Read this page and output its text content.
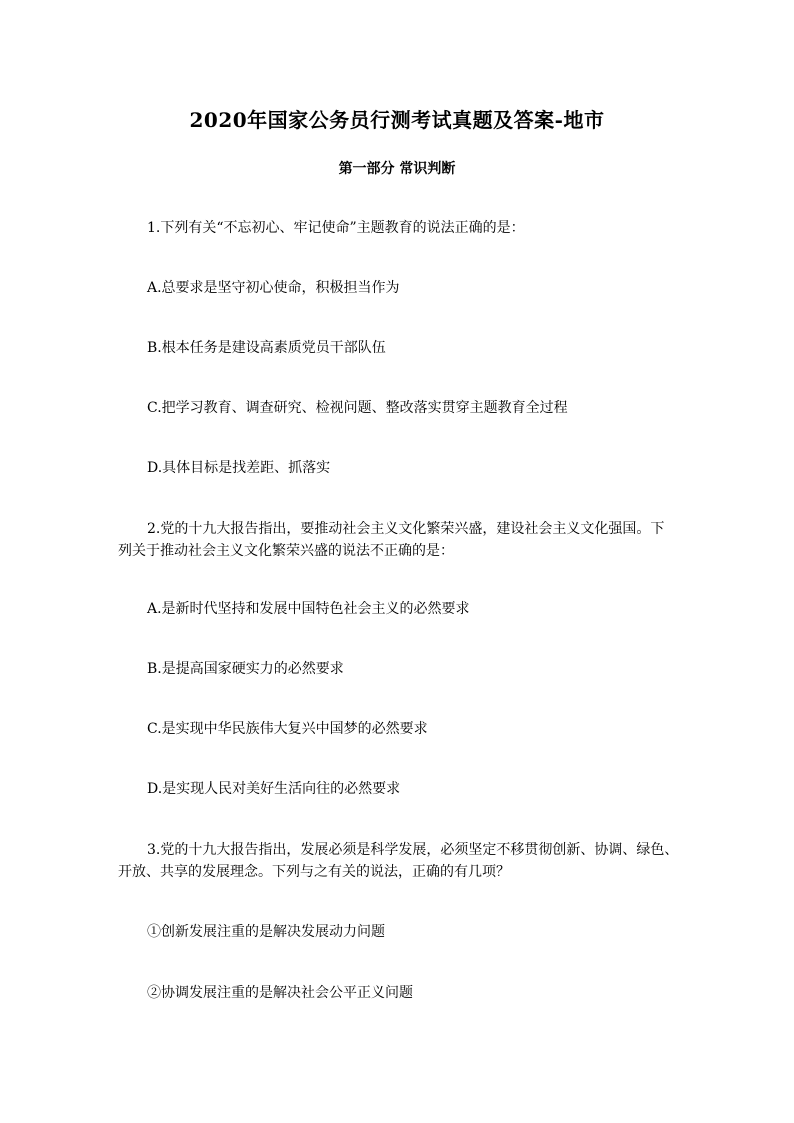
2020年国家公务员行测考试真题及答案-地市
第一部分 常识判断
1.下列有关“不忘初心、牢记使命”主题教育的说法正确的是：
A.总要求是坚守初心使命，积极担当作为
B.根本任务是建设高素质党员干部队伍
C.把学习教育、调查研究、检视问题、整改落实贯穿主题教育全过程
D.具体目标是找差距、抓落实
2.党的十九大报告指出，要推动社会主义文化繁荣兴盛，建设社会主义文化强国。下
列关于推动社会主义文化繁荣兴盛的说法不正确的是：
A.是新时代坚持和发展中国特色社会主义的必然要求
B.是提高国家硬实力的必然要求
C.是实现中华民族伟大复兴中国梦的必然要求
D.是实现人民对美好生活向往的必然要求
3.党的十九大报告指出，发展必须是科学发展，必须坚定不移贯彻创新、协调、绿色、
开放、共享的发展理念。下列与之有关的说法，正确的有几项？
①创新发展注重的是解决发展动力问题
②协调发展注重的是解决社会公平正义问题
